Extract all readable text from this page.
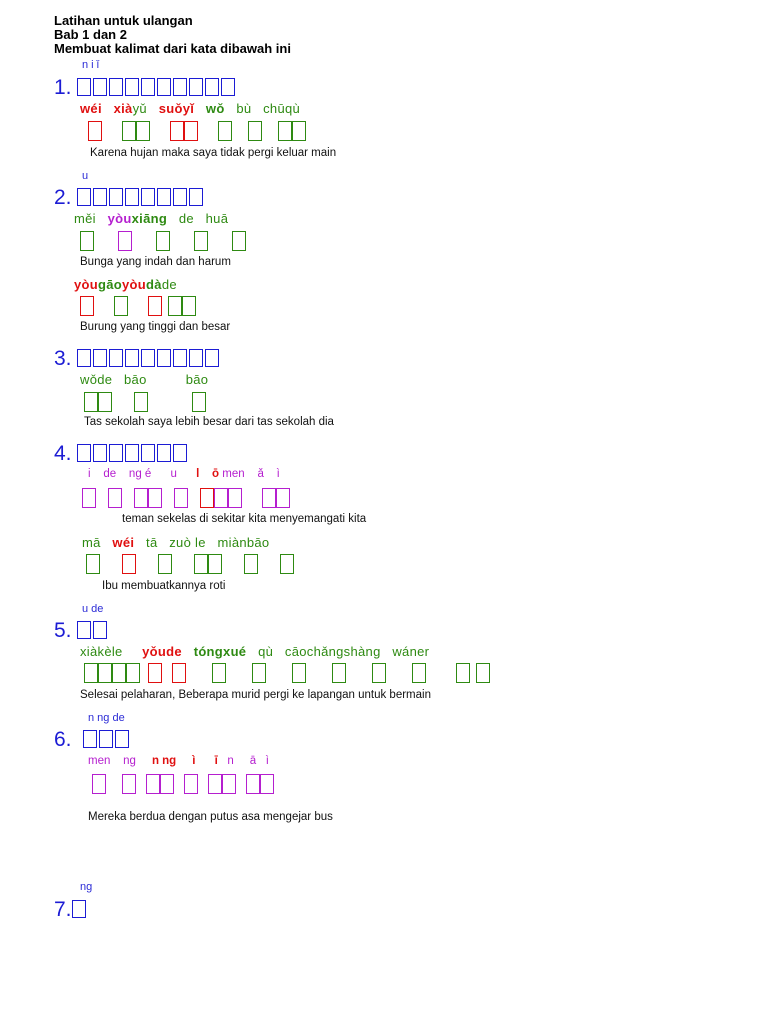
Latihan untuk ulangan
Bab 1 dan 2
Membuat kalimat dari kata dibawah ini
n i ǐ
1.
wéi xiàyǔ suǒyǐ wǒ bù chūqù
Karena hujan maka saya tidak pergi keluar main
u
2.
měi yòuxiāng de huā
Bunga yang indah dan harum
yòugāoyòudàde
Burung yang tinggi dan besar
3.
wǒde bāo	bāo
Tas sekolah saya lebih besar dari tas sekolah dia
4.
i de ng é u l ō men ǎ ì
teman sekelas di sekitar kita menyemangati kita
mā wéi tā zuò le miànbāo
Ibu membuatkannya roti
u de
5.
xiàkèle yǒude tóngxué qù cāochǎngshàng wáner
Selesai pelaharan, Beberapa murid pergi ke lapangan untuk bermain
n ng de
6.
men ng n ng ì ī n ā ì
Mereka berdua dengan putus asa mengejar bus
ng
7.
